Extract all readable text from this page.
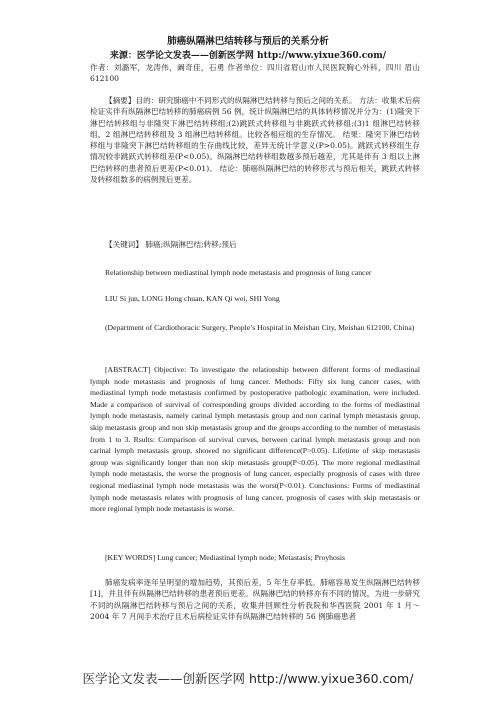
肺癌纵隔淋巴结转移与预后的关系分析
来源：医学论文发表——创新医学网 http://www.yixue360.com/

作者：刘潞军，龙涛伟，阚奇佳，石勇 作者单位：四川省眉山市人民医院胸心外科，四川 眉山 612100

【摘要】目的：研究肺癌中不同形式的纵隔淋巴结转移与预后之间的关系。 方法：收集术后病检证实伴有纵隔淋巴结转移的肺癌病例 56 例，统计纵隔淋巴结的具体转移情况并分为：(1)隆突下淋巴结转移组与非隆突下淋巴结转移组;(2)跳跃式转移组与非跳跃式转移组;(3)1 组淋巴结转移组、2 组淋巴结转移组及 3 组淋巴结转移组。比较各相应组的生存情况。 结果：隆突下淋巴结转移组与非隆突下淋巴结转移组的生存曲线比较，差异无统计学意义(P>0.05)。跳跃式转移组生存情况较非跳跃式转移组差(P<0.05)。纵隔淋巴结转移组数越多预后越差，尤其是伴有 3 组以上淋巴结转移的患者预后更差(P<0.01)。 结论：肺癌纵隔淋巴结的转移形式与预后相关，跳跃式转移及转移组数多的病例预后更差。

【关键词】 肺癌;纵隔淋巴结;转移;预后

Relationship between mediastinal lymph node metastasis and prognosis of lung cancer

LIU Si jun, LONG Hong chuan, KAN Qi wei, SHI Yong

(Department of Cardiothoracic Surgery, People’s Hospital in Meishan City, Meishan 612100, China)

[ABSTRACT] Objective: To investigate the relationship between different forms of mediastinal lymph node metastasis and prognosis of lung cancer. Methods: Fifty six lung cancer cases, with mediastinal lymph node metastasis confirmed by postoperative pathologic examination, were included. Made a comparison of survival of corresponding groups divided according to the forms of mediastinal lymph node metastasis, namely carinal lymph metastasis group and non carinal lymph metastasis group, skip metastasis group and non skip metastasis group and the groups according to the number of metastasis from 1 to 3. Rsults: Comparison of survival curves, between carinal lymph metastasis group and non carinal lymph metastasis group, showed no significant difference(P>0.05). Lifetime of skip metastasis group was significantly longer than non skip metastasis group(P<0.05). The more regional mediastinal lymph node metastasis, the worse the prognosis of lung cancer, especially prognosis of cases with three regional mediastinal lymph node metastasis was the worst(P<0.01). Conclusions: Forms of mediastinal lymph node metastasis relates with prognosis of lung cancer, prognosis of cases with skip metastasis or more regional lymph node metastasis is worse.

[KEY WORDS] Lung cancer; Mediastinal lymph node; Metastasis; Proyhosis

肺癌发病率逐年呈明显的增加趋势，其预后差，5 年生存率低。肺癌容易发生纵隔淋巴结转移[1]，并且伴有纵隔淋巴结转移的患者预后更差。纵隔淋巴结的转移亦有不同的情况，为进一步研究不同的纵隔淋巴结转移与预后之间的关系，收集并回顾性分析我院和华西医院 2001 年 1 月～2004 年 7 月间手术治疗且术后病检证实伴有纵隔淋巴结转移的 56 例肺癌患者

医学论文发表——创新医学网 http://www.yixue360.com/
